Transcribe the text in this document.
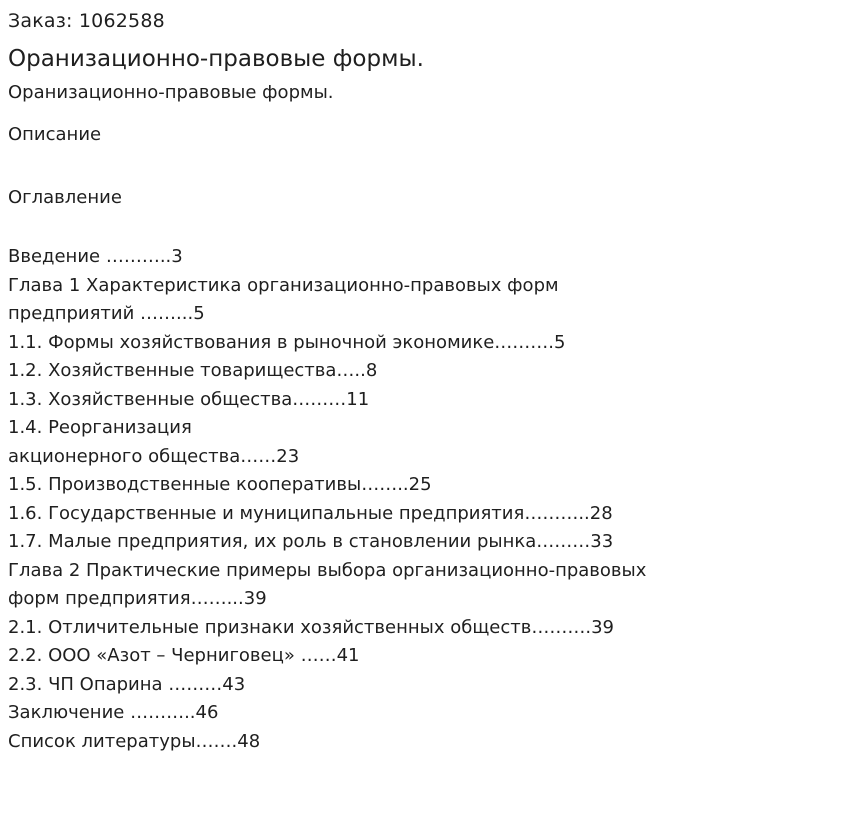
Заказ: 1062588

Оранизационно-правовые формы.

Оранизационно-правовые формы.

Описание

Оглавление

Введение ………..3
Глава 1 Характеристика организационно-правовых форм
предприятий ……...5
1.1. Формы хозяйствования в рыночной экономике……….5
1.2. Хозяйственные товарищества…..8
1.3. Хозяйственные общества………11
1.4. Реорганизация
акционерного общества……23
1.5. Производственные кооперативы……..25
1.6. Государственные и муниципальные предприятия………..28
1.7. Малые предприятия, их роль в становлении рынка………33
Глава 2 Практические примеры выбора организационно-правовых
форм предприятия……...39
2.1. Отличительные признаки хозяйственных обществ……….39
2.2. ООО «Азот – Черниговец» ……41
2.3. ЧП Опарина ………43
Заключение ………..46
Список литературы…….48
